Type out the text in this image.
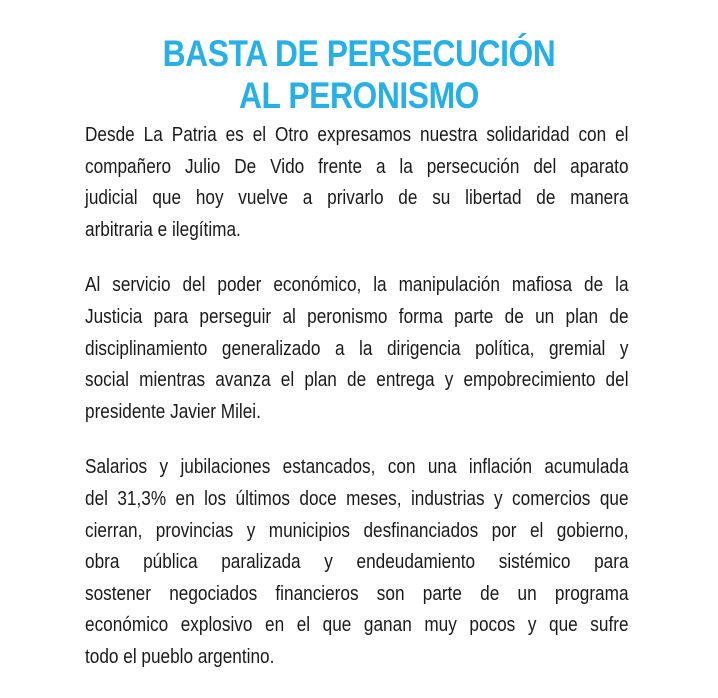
BASTA DE PERSECUCIÓN
AL PERONISMO

Desde La Patria es el Otro expresamos nuestra solidaridad con el
compañero Julio De Vido frente a la persecución del aparato
judicial que hoy vuelve a privarlo de su libertad de manera
arbitraria e ilegítima.

Al servicio del poder económico, la manipulación mafiosa de la
Justicia para perseguir al peronismo forma parte de un plan de
disciplinamiento generalizado a la dirigencia política, gremial y
social mientras avanza el plan de entrega y empobrecimiento del
presidente Javier Milei.

Salarios y jubilaciones estancados, con una inflación acumulada
del 31,3% en los últimos doce meses, industrias y comercios que
cierran, provincias y municipios desfinanciados por el gobierno,
obra pública paralizada y endeudamiento sistémico para
sostener negociados financieros son parte de un programa
económico explosivo en el que ganan muy pocos y que sufre
todo el pueblo argentino.
